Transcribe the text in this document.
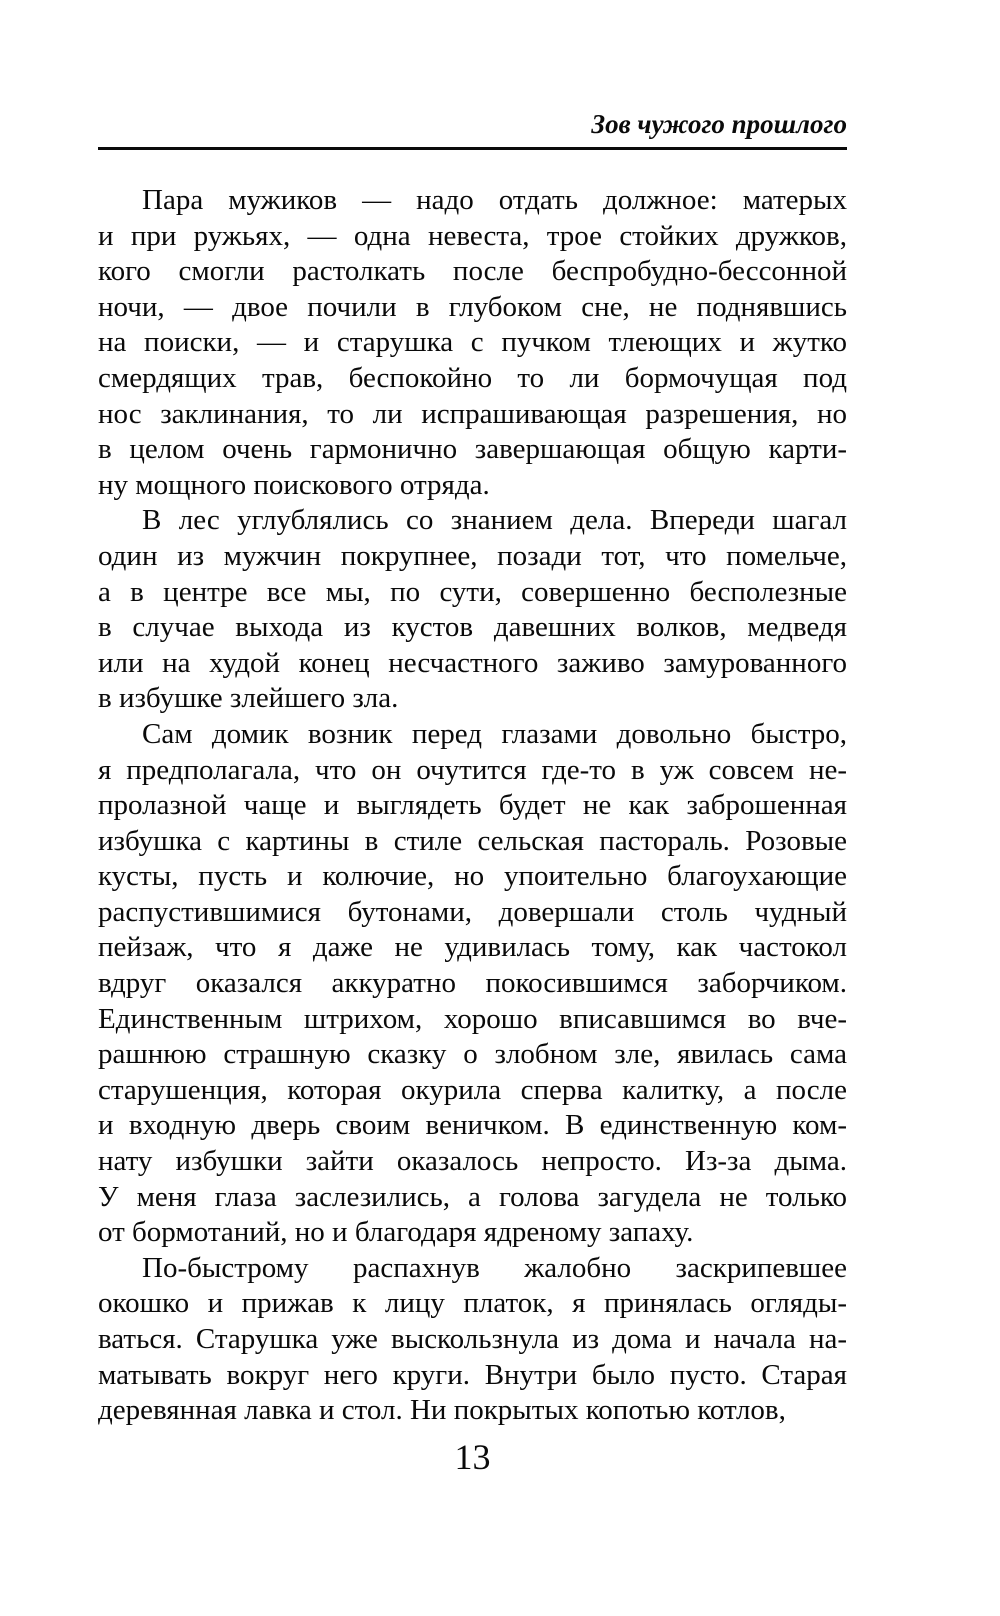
Зов чужого прошлого

Пара мужиков — надо отдать должное: матерых
и при ружьях, — одна невеста, трое стойких дружков,
кого смогли растолкать после беспробудно-бессонной
ночи, — двое почили в глубоком сне, не поднявшись
на поиски, — и старушка с пучком тлеющих и жутко
смердящих трав, беспокойно то ли бормочущая под
нос заклинания, то ли испрашивающая разрешения, но
в целом очень гармонично завершающая общую карти-
ну мощного поискового отряда.

В лес углублялись со знанием дела. Впереди шагал
один из мужчин покрупнее, позади тот, что помельче,
а в центре все мы, по сути, совершенно бесполезные
в случае выхода из кустов давешних волков, медведя
или на худой конец несчастного заживо замурованного
в избушке злейшего зла.

Сам домик возник перед глазами довольно быстро,
я предполагала, что он очутится где-то в уж совсем не-
пролазной чаще и выглядеть будет не как заброшенная
избушка с картины в стиле сельская пастораль. Розовые
кусты, пусть и колючие, но упоительно благоухающие
распустившимися бутонами, довершали столь чудный
пейзаж, что я даже не удивилась тому, как частокол
вдруг оказался аккуратно покосившимся заборчиком.
Единственным штрихом, хорошо вписавшимся во вче-
рашнюю страшную сказку о злобном зле, явилась сама
старушенция, которая окурила сперва калитку, а после
и входную дверь своим веничком. В единственную ком-
нату избушки зайти оказалось непросто. Из-за дыма.
У меня глаза заслезились, а голова загудела не только
от бормотаний, но и благодаря ядреному запаху.

По-быстрому распахнув жалобно заскрипевшее
окошко и прижав к лицу платок, я принялась огляды-
ваться. Старушка уже выскользнула из дома и начала на-
матывать вокруг него круги. Внутри было пусто. Старая
деревянная лавка и стол. Ни покрытых копотью котлов,

13
